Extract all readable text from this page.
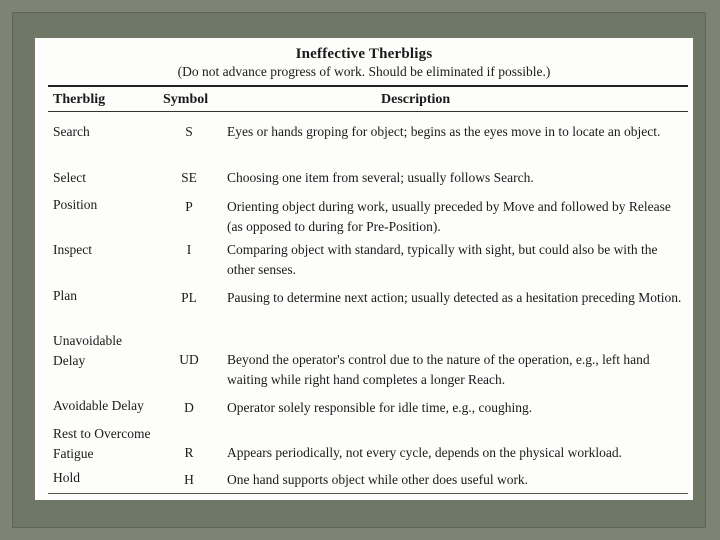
Ineffective Therbligs
(Do not advance progress of work. Should be eliminated if possible.)
Therblig	Symbol	Description
Search	S	Eyes or hands groping for object; begins as the eyes move in to locate an object.
Select	SE	Choosing one item from several; usually follows Search.
Position	P	Orienting object during work, usually preceded by Move and followed by Release (as opposed to during for Pre-Position).
Inspect	I	Comparing object with standard, typically with sight, but could also be with the other senses.
Plan	PL	Pausing to determine next action; usually detected as a hesitation preceding Motion.
Unavoidable Delay	UD	Beyond the operator's control due to the nature of the operation, e.g., left hand waiting while right hand completes a longer Reach.
Avoidable Delay	D	Operator solely responsible for idle time, e.g., coughing.
Rest to Overcome Fatigue	R	Appears periodically, not every cycle, depends on the physical workload.
Hold	H	One hand supports object while other does useful work.
